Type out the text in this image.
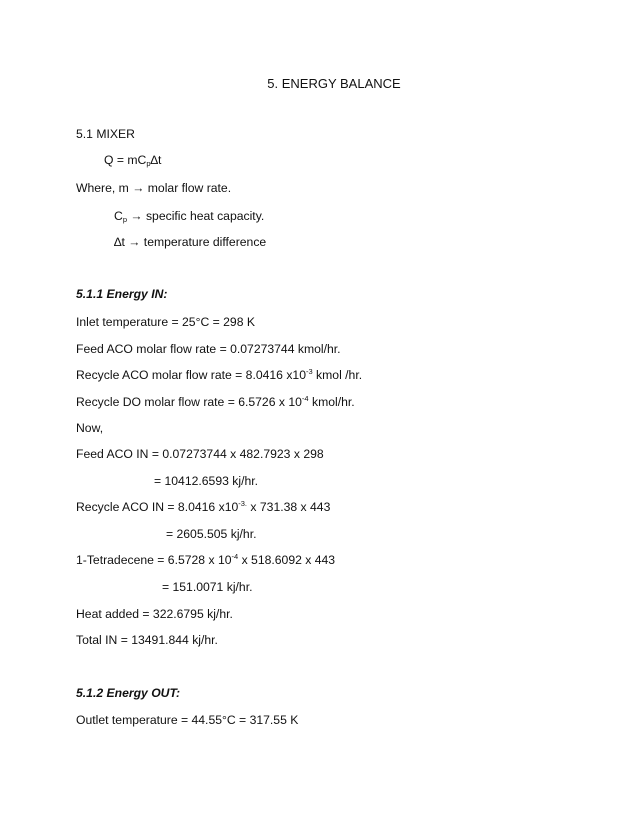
5. ENERGY BALANCE
5.1 MIXER
$Q = mC_p\Delta t$
Where, m → molar flow rate.
$C_p$ → specific heat capacity.
∆t → temperature difference
5.1.1 Energy IN:
Inlet temperature = 25°C = 298 K
Feed ACO molar flow rate = 0.07273744 kmol/hr.
Recycle ACO molar flow rate = 8.0416 $x10^{-3}$ kmol /hr.
Recycle DO molar flow rate = 6.5726 x $10^{-4}$ kmol/hr.
Now,
Feed ACO IN = 0.07273744 x 482.7923 x 298
= 10412.6593 kj/hr.
Recycle ACO IN = 8.0416 $x10^{-3.}$ x 731.38 x 443
= 2605.505 kj/hr.
1-Tetradecene = 6.5728 x $10^{-4}$ x 518.6092 x 443
= 151.0071 kj/hr.
Heat added = 322.6795 kj/hr.
Total IN = 13491.844 kj/hr.
5.1.2 Energy OUT:
Outlet temperature = 44.55°C = 317.55 K
